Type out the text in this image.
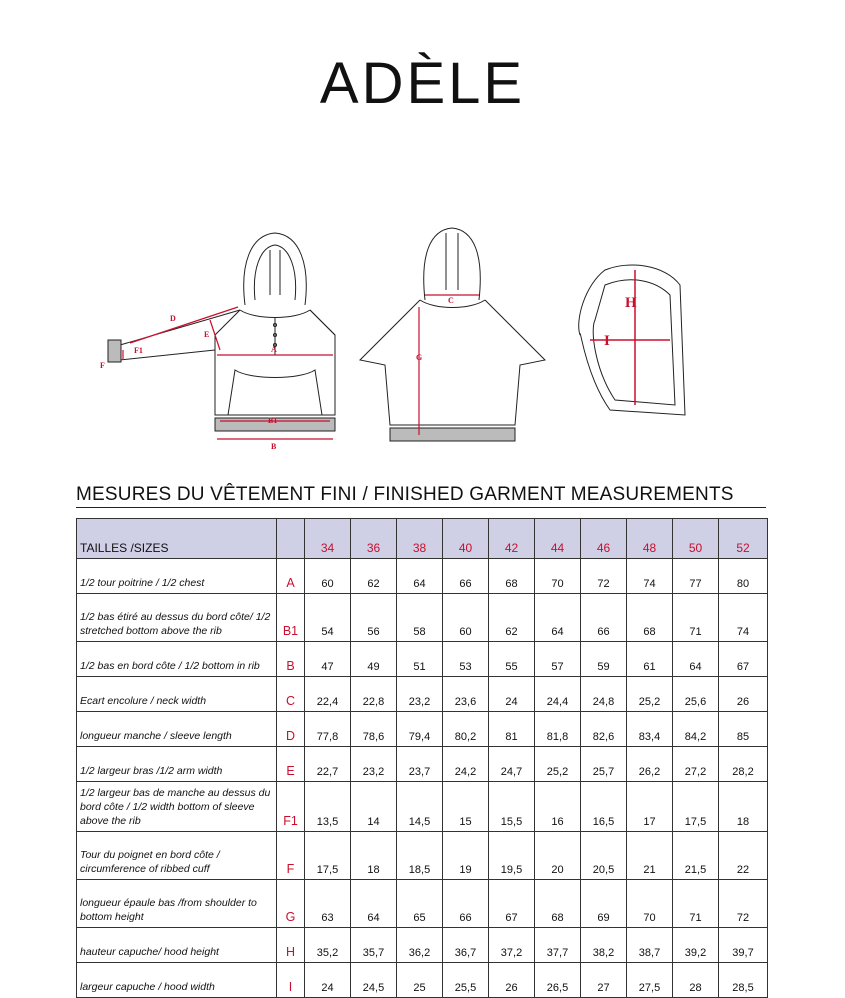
ADÈLE
A
B1
B
D
E
F1
F
C
G
H
I
MESURES DU VÊTEMENT FINI / FINISHED GARMENT MEASUREMENTS
TAILLES /SIZES		34	36	38	40	42	44	46	48	50	52
1/2 tour poitrine / 1/2 chest	A	60	62	64	66	68	70	72	74	77	80
1/2 bas étiré au dessus du bord côte/ 1/2 stretched bottom above the rib	B1	54	56	58	60	62	64	66	68	71	74
1/2 bas en bord côte / 1/2 bottom in rib	B	47	49	51	53	55	57	59	61	64	67
Ecart encolure / neck width	C	22,4	22,8	23,2	23,6	24	24,4	24,8	25,2	25,6	26
longueur manche / sleeve length	D	77,8	78,6	79,4	80,2	81	81,8	82,6	83,4	84,2	85
1/2 largeur bras /1/2 arm width	E	22,7	23,2	23,7	24,2	24,7	25,2	25,7	26,2	27,2	28,2
1/2 largeur bas de manche au dessus du bord côte / 1/2 width bottom of sleeve above the rib	F1	13,5	14	14,5	15	15,5	16	16,5	17	17,5	18
Tour du poignet en bord côte / circumference of ribbed cuff	F	17,5	18	18,5	19	19,5	20	20,5	21	21,5	22
longueur épaule bas /from shoulder to bottom height	G	63	64	65	66	67	68	69	70	71	72
hauteur capuche/ hood height	H	35,2	35,7	36,2	36,7	37,2	37,7	38,2	38,7	39,2	39,7
largeur capuche / hood width	I	24	24,5	25	25,5	26	26,5	27	27,5	28	28,5
